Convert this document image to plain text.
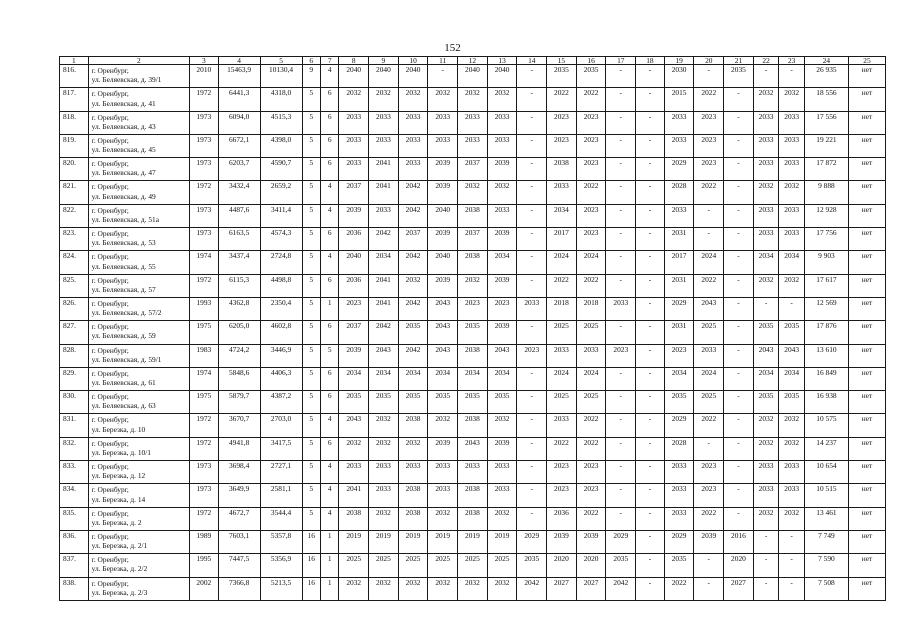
152
1	2	3	4	5	6	7	8	9	10	11	12	13	14	15	16	17	18	19	20	21	22	23	24	25
816.	г. Оренбург,
ул. Беляевская, д. 39/1	2010	15463,9	10130,4	9	4	2040	2040	2040	-	2040	2040	-	2035	2035	-	-	2030	-	2035	-	-	26 935	нет
817.	г. Оренбург,
ул. Беляевская, д. 41	1972	6441,3	4318,0	5	6	2032	2032	2032	2032	2032	2032	-	2022	2022	-	-	2015	2022	-	2032	2032	18 556	нет
818.	г. Оренбург,
ул. Беляевская, д. 43	1973	6094,0	4515,3	5	6	2033	2033	2033	2033	2033	2033	-	2023	2023	-	-	2033	2023	-	2033	2033	17 556	нет
819.	г. Оренбург,
ул. Беляевская, д. 45	1973	6672,1	4398,0	5	6	2033	2033	2033	2033	2033	2033	-	2023	2023	-	-	2033	2023	-	2033	2033	19 221	нет
820.	г. Оренбург,
ул. Беляевская, д. 47	1973	6203,7	4590,7	5	6	2033	2041	2033	2039	2037	2039	-	2038	2023	-	-	2029	2023	-	2033	2033	17 872	нет
821.	г. Оренбург,
ул. Беляевская, д. 49	1972	3432,4	2659,2	5	4	2037	2041	2042	2039	2032	2032	-	2033	2022	-	-	2028	2022	-	2032	2032	9 888	нет
822.	г. Оренбург,
ул. Беляевская, д. 51а	1973	4487,6	3411,4	5	4	2039	2033	2042	2040	2038	2033	-	2034	2023	-	-	2033	-	-	2033	2033	12 928	нет
823.	г. Оренбург,
ул. Беляевская, д. 53	1973	6163,5	4574,3	5	6	2036	2042	2037	2039	2037	2039	-	2017	2023	-	-	2031	-	-	2033	2033	17 756	нет
824.	г. Оренбург,
ул. Беляевская, д. 55	1974	3437,4	2724,8	5	4	2040	2034	2042	2040	2038	2034	-	2024	2024	-	-	2017	2024	-	2034	2034	9 903	нет
825.	г. Оренбург,
ул. Беляевская, д. 57	1972	6115,3	4498,8	5	6	2036	2041	2032	2039	2032	2039	-	2022	2022	-	-	2031	2022	-	2032	2032	17 617	нет
826.	г. Оренбург,
ул. Беляевская, д. 57/2	1993	4362,8	2350,4	5	1	2023	2041	2042	2043	2023	2023	2033	2018	2018	2033	-	2029	2043	-	-	-	12 569	нет
827.	г. Оренбург,
ул. Беляевская, д. 59	1975	6205,0	4602,8	5	6	2037	2042	2035	2043	2035	2039	-	2025	2025	-	-	2031	2025	-	2035	2035	17 876	нет
828.	г. Оренбург,
ул. Беляевская, д. 59/1	1983	4724,2	3446,9	5	5	2039	2043	2042	2043	2038	2043	2023	2033	2033	2023	-	2023	2033	-	2043	2043	13 610	нет
829.	г. Оренбург,
ул. Беляевская, д. 61	1974	5848,6	4406,3	5	6	2034	2034	2034	2034	2034	2034	-	2024	2024	-	-	2034	2024	-	2034	2034	16 849	нет
830.	г. Оренбург,
ул. Беляевская, д. 63	1975	5879,7	4387,2	5	6	2035	2035	2035	2035	2035	2035	-	2025	2025	-	-	2035	2025	-	2035	2035	16 938	нет
831.	г. Оренбург,
ул. Березка, д. 10	1972	3670,7	2703,0	5	4	2043	2032	2038	2032	2038	2032	-	2033	2022	-	-	2029	2022	-	2032	2032	10 575	нет
832.	г. Оренбург,
ул. Березка, д. 10/1	1972	4941,8	3417,5	5	6	2032	2032	2032	2039	2043	2039	-	2022	2022	-	-	2028	-	-	2032	2032	14 237	нет
833.	г. Оренбург,
ул. Березка, д. 12	1973	3698,4	2727,1	5	4	2033	2033	2033	2033	2033	2033	-	2023	2023	-	-	2033	2023	-	2033	2033	10 654	нет
834.	г. Оренбург,
ул. Березка, д. 14	1973	3649,9	2581,1	5	4	2041	2033	2038	2033	2038	2033	-	2023	2023	-	-	2033	2023	-	2033	2033	10 515	нет
835.	г. Оренбург,
ул. Березка, д. 2	1972	4672,7	3544,4	5	4	2038	2032	2038	2032	2038	2032	-	2036	2022	-	-	2033	2022	-	2032	2032	13 461	нет
836.	г. Оренбург,
ул. Березка, д. 2/1	1989	7603,1	5357,8	16	1	2019	2019	2019	2019	2019	2019	2029	2039	2039	2029	-	2029	2039	2016	-	-	7 749	нет
837.	г. Оренбург,
ул. Березка, д. 2/2	1995	7447,5	5356,9	16	1	2025	2025	2025	2025	2025	2025	2035	2020	2020	2035	-	2035	-	2020	-	-	7 590	нет
838.	г. Оренбург,
ул. Березка, д. 2/3	2002	7366,8	5213,5	16	1	2032	2032	2032	2032	2032	2032	2042	2027	2027	2042	-	2022	-	2027	-	-	7 508	нет
